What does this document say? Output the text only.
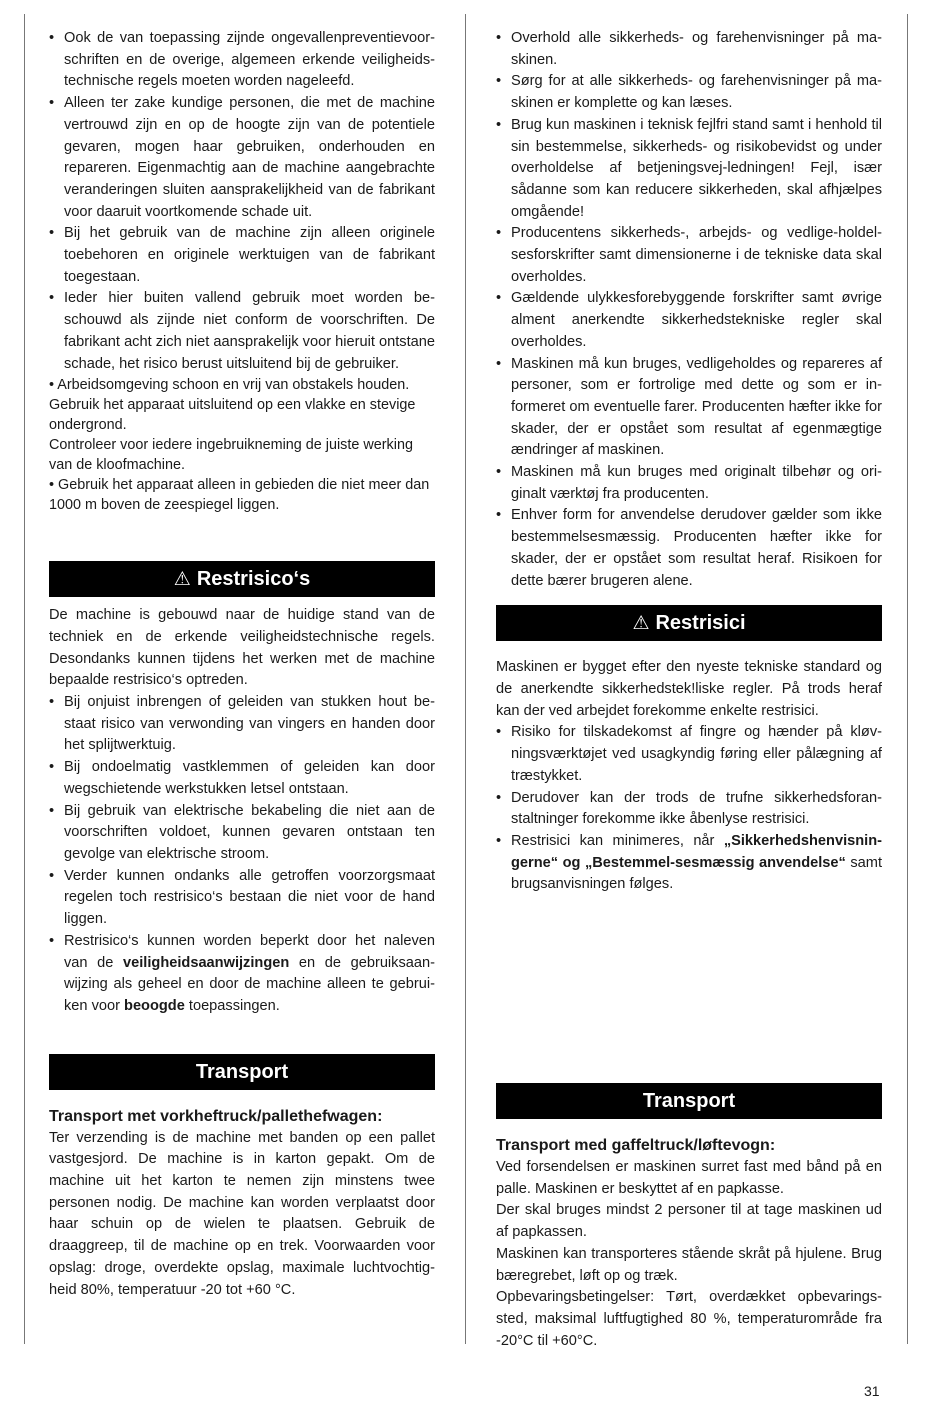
• Ook de van toepassing zijnde ongevallenpreventievoorschriften en de overige, algemeen erkende veiligheidstechnische regels moeten worden nageleefd.
• Alleen ter zake kundige personen, die met de machine vertrouwd zijn en op de hoogte zijn van de potentiele gevaren, mogen haar gebruiken, onderhouden en repareren. Eigenmachtig aan de machine aangebrachte veranderingen sluiten aansprakelijkheid van de fabrikant voor daaruit voortkomende schade uit.
• Bij het gebruik van de machine zijn alleen originele toebehoren en originele werktuigen van de fabrikant toegestaan.
• Ieder hier buiten vallend gebruik moet worden beschouwd als zijnde niet conform de voorschriften. De fabrikant acht zich niet aansprakelijk voor hieruit ontstane schade, het risico berust uitsluitend bij de gebruiker.

• Arbeidsomgeving schoon en vrij van obstakels houden.

Gebruik het apparaat uitsluitend op een vlakke en stevige ondergrond.

Controleer voor iedere ingebruikneming de juiste werking van de kloofmachine.

• Gebruik het apparaat alleen in gebieden die niet meer dan 1000 m boven de zeespiegel liggen.

⚠ Restrisico‘s

De machine is gebouwd naar de huidige stand van de techniek en de erkende veiligheidstechnische regels. Desondanks kunnen tijdens het werken met de machine bepaalde restrisico‘s optreden.

• Bij onjuist inbrengen of geleiden van stukken hout bestaat risico van verwonding van vingers en handen door het splijtwerktuig.
• Bij ondoelmatig vastklemmen of geleiden kan door wegschietende werkstukken letsel ontstaan.
• Bij gebruik van elektrische bekabeling die niet aan de voorschriften voldoet, kunnen gevaren ontstaan ten gevolge van elektrische stroom.
• Verder kunnen ondanks alle getroffen voorzorgsmaat regelen toch restrisico‘s bestaan die niet voor de hand liggen.
• Restrisico‘s kunnen worden beperkt door het naleven van de veiligheidsaanwijzingen en de gebruiksaanwijzing als geheel en door de machine alleen te gebruiken voor beoogde toepassingen.
Transport
Transport met vorkheftruck/pallethefwagen:

Ter verzending is de machine met banden op een pallet vastgesjord. De machine is in karton gepakt. Om de machine uit het karton te nemen zijn minstens twee personen nodig. De machine kan worden verplaatst door haar schuin op de wielen te plaatsen. Gebruik de draaggreep, til de machine op en trek. Voorwaarden voor opslag: droge, overdekte opslag, maximale luchtvochtigheid 80%, temperatuur -20 tot +60 °C.

• Overhold alle sikkerheds- og farehenvisninger på maskinen.
• Sørg for at alle sikkerheds- og farehenvisninger på maskinen er komplette og kan læses.
• Brug kun maskinen i teknisk fejlfri stand samt i henhold til sin bestemmelse, sikkerheds- og risikobevidst og under overholdelse af betjeningsvej-ledningen! Fejl, især sådanne som kan reducere sikkerheden, skal afhjælpes omgående!
• Producentens sikkerheds-, arbejds- og vedlige-holdelsesforskrifter samt dimensionerne i de tekniske data skal overholdes.
• Gældende ulykkesforebyggende forskrifter samt øvrige alment anerkendte sikkerhedstekniske regler skal overholdes.
• Maskinen må kun bruges, vedligeholdes og repareres af personer, som er fortrolige med dette og som er informeret om eventuelle farer. Producenten hæfter ikke for skader, der er opstået som resultat af egenmægtige ændringer af maskinen.
• Maskinen må kun bruges med originalt tilbehør og originalt værktøj fra producenten.
• Enhver form for anvendelse derudover gælder som ikke bestemmelsesmæssig. Producenten hæfter ikke for skader, der er opstået som resultat heraf. Risikoen for dette bærer brugeren alene.
⚠ Restrisici

Maskinen er bygget efter den nyeste tekniske standard og de anerkendte sikkerhedstek!liske regler. På trods heraf kan der ved arbejdet forekomme enkelte restrisici.

• Risiko for tilskadekomst af fingre og hænder på kløvningsværktøjet ved usagkyndig føring eller pålægning af træstykket.
• Derudover kan der trods de trufne sikkerhedsforanstaltninger forekomme ikke åbenlyse restrisici.
• Restrisici kan minimeres, når „Sikkerhedshenvisningerne“ og „Bestemmel-sesmæssig anvendelse“ samt brugsanvisningen følges.
Transport
Transport med gaffeltruck/løftevogn:

Ved forsendelsen er maskinen surret fast med bånd på en palle. Maskinen er beskyttet af en papkasse.

Der skal bruges mindst 2 personer til at tage maskinen ud af papkassen.

Maskinen kan transporteres stående skråt på hjulene. Brug bæregrebet, løft op og træk.

Opbevaringsbetingelser: Tørt, overdækket opbevaringssted, maksimal luftfugtighed 80 %, temperaturområde fra -20°C til +60°C.

31
